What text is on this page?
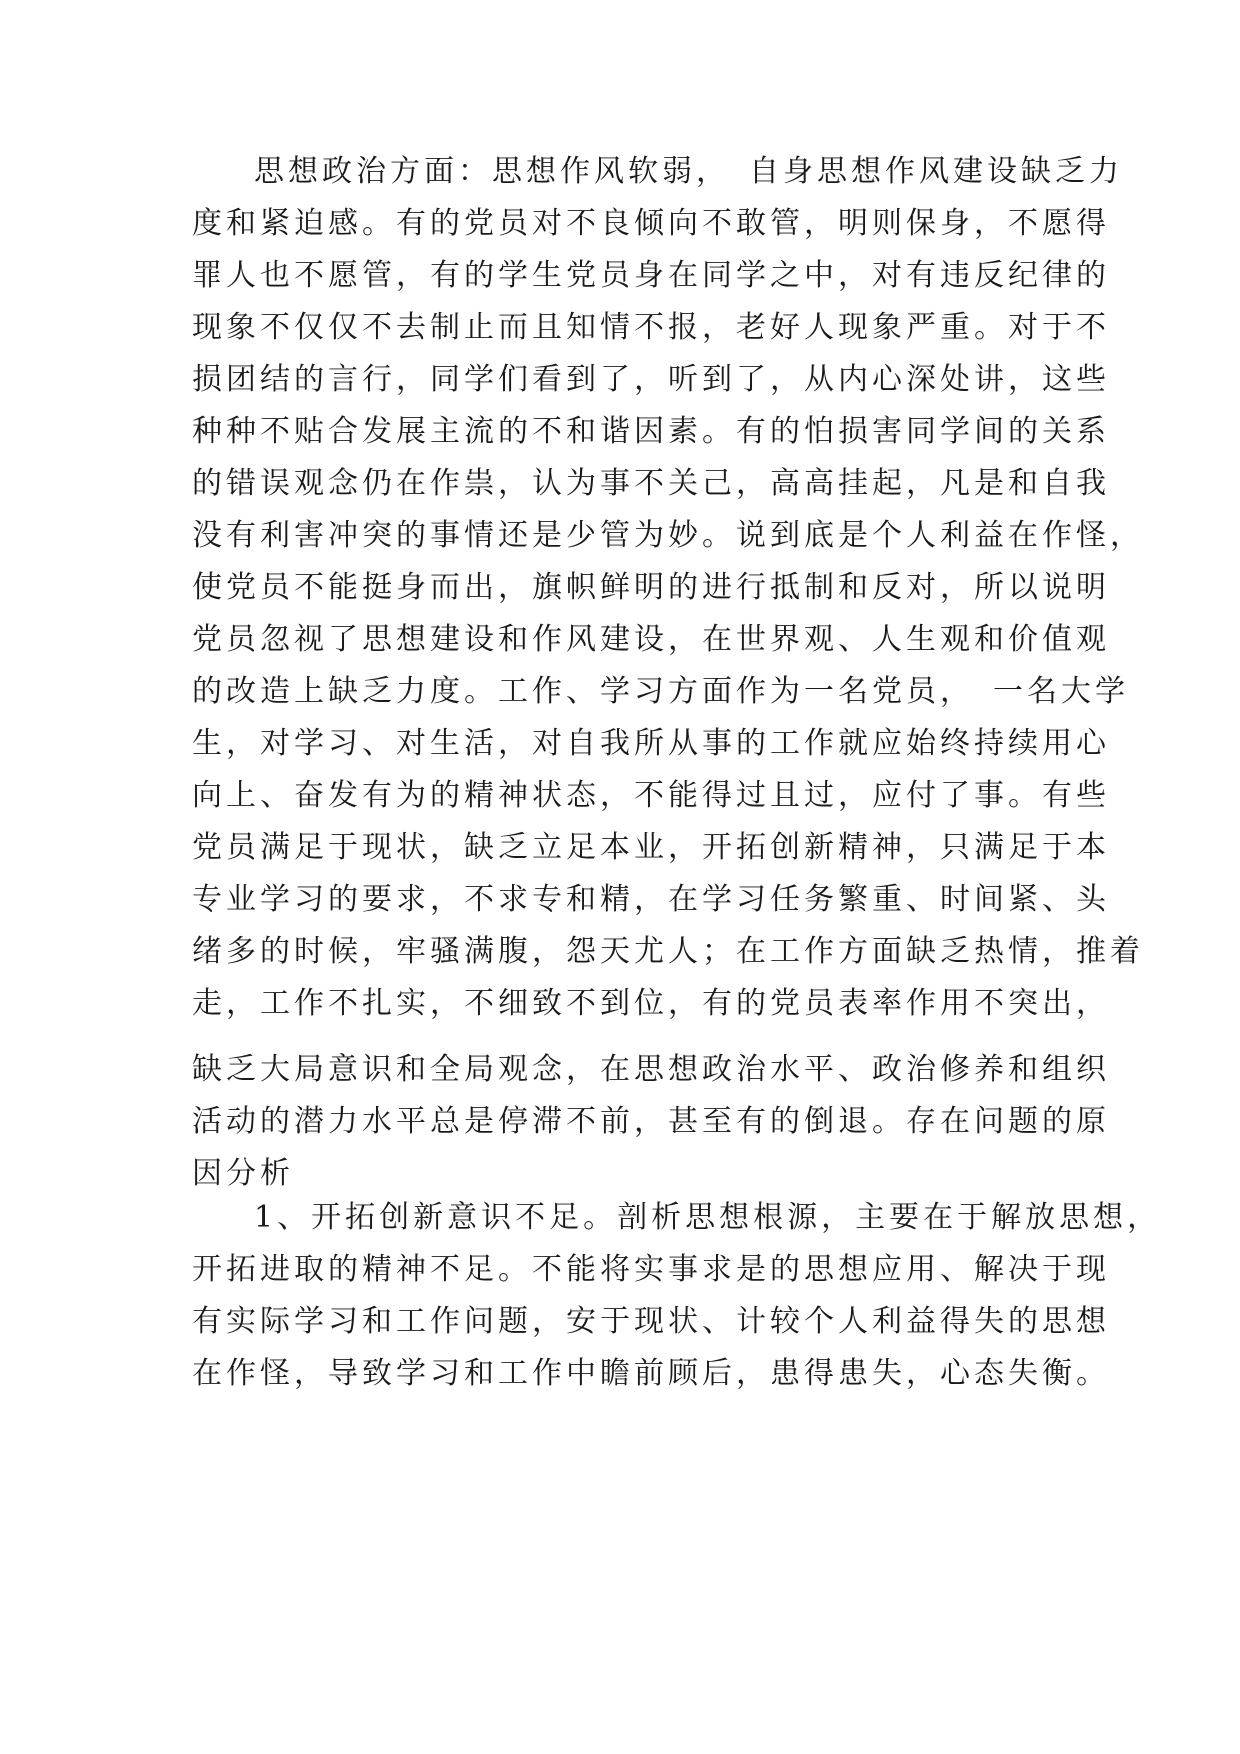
思想政治方面：思想作风软弱，　自身思想作风建设缺乏力
度和紧迫感。有的党员对不良倾向不敢管，明则保身，不愿得
罪人也不愿管，有的学生党员身在同学之中，对有违反纪律的
现象不仅仅不去制止而且知情不报，老好人现象严重。对于不
损团结的言行，同学们看到了，听到了，从内心深处讲，这些
种种不贴合发展主流的不和谐因素。有的怕损害同学间的关系
的错误观念仍在作祟，认为事不关己，高高挂起，凡是和自我
没有利害冲突的事情还是少管为妙。说到底是个人利益在作怪，
使党员不能挺身而出，旗帜鲜明的进行抵制和反对，所以说明
党员忽视了思想建设和作风建设，在世界观、人生观和价值观
的改造上缺乏力度。工作、学习方面作为一名党员，　一名大学
生，对学习、对生活，对自我所从事的工作就应始终持续用心
向上、奋发有为的精神状态，不能得过且过，应付了事。有些
党员满足于现状，缺乏立足本业，开拓创新精神，只满足于本
专业学习的要求，不求专和精，在学习任务繁重、时间紧、头
绪多的时候，牢骚满腹，怨天尤人；在工作方面缺乏热情，推着
走，工作不扎实，不细致不到位，有的党员表率作用不突出，
缺乏大局意识和全局观念，在思想政治水平、政治修养和组织
活动的潜力水平总是停滞不前，甚至有的倒退。存在问题的原
因分析
1、开拓创新意识不足。剖析思想根源，主要在于解放思想，
开拓进取的精神不足。不能将实事求是的思想应用、解决于现
有实际学习和工作问题，安于现状、计较个人利益得失的思想
在作怪，导致学习和工作中瞻前顾后，患得患失，心态失衡。
